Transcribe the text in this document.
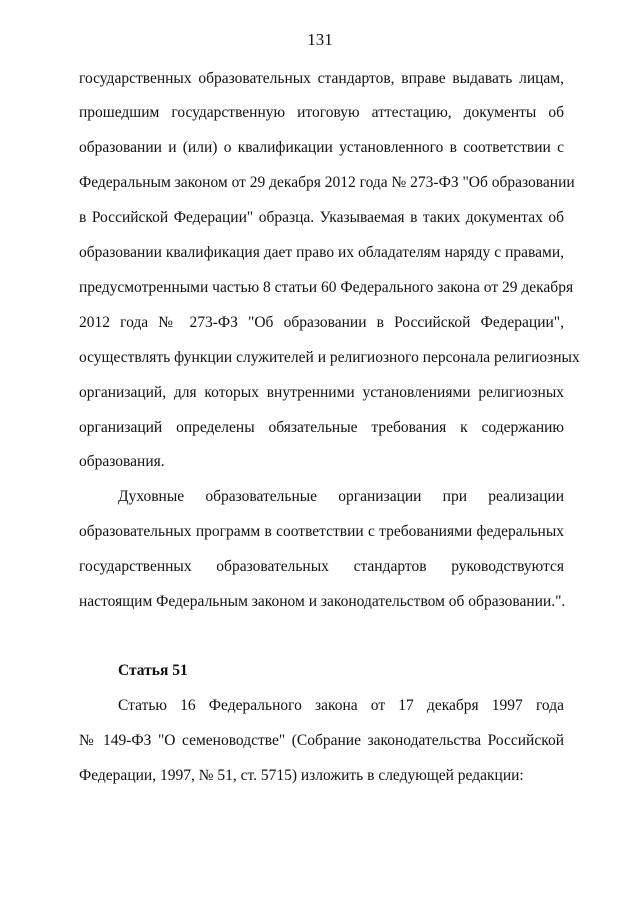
131
государственных образовательных стандартов, вправе выдавать лицам,
прошедшим государственную итоговую аттестацию, документы об
образовании и (или) о квалификации установленного в соответствии с
Федеральным законом от 29 декабря 2012 года № 273-ФЗ "Об образовании
в Российской Федерации" образца. Указываемая в таких документах об
образовании квалификация дает право их обладателям наряду с правами,
предусмотренными частью 8 статьи 60 Федерального закона от 29 декабря
2012 года № 273-ФЗ "Об образовании в Российской Федерации",
осуществлять функции служителей и религиозного персонала религиозных
организаций, для которых внутренними установлениями религиозных
организаций определены обязательные требования к содержанию
образования.
Духовные образовательные организации при реализации
образовательных программ в соответствии с требованиями федеральных
государственных образовательных стандартов руководствуются
настоящим Федеральным законом и законодательством об образовании.".
Статья 51
Статью 16 Федерального закона от 17 декабря 1997 года
№ 149-ФЗ "О семеноводстве" (Собрание законодательства Российской
Федерации, 1997, № 51, ст. 5715) изложить в следующей редакции:
